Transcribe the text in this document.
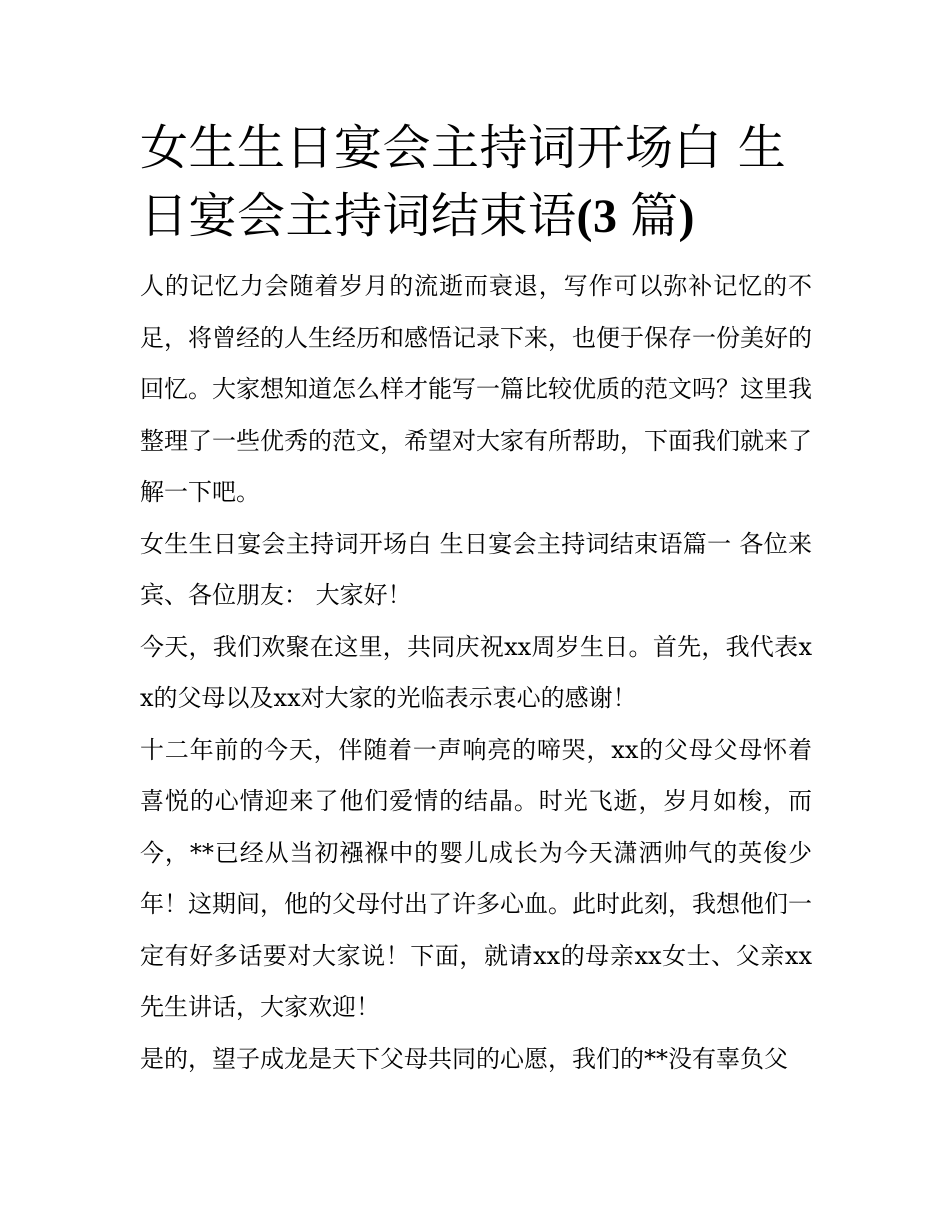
女生生日宴会主持词开场白 生日宴会主持词结束语(3 篇)

人的记忆力会随着岁月的流逝而衰退，写作可以弥补记忆的不足，将曾经的人生经历和感悟记录下来，也便于保存一份美好的回忆。大家想知道怎么样才能写一篇比较优质的范文吗？这里我整理了一些优秀的范文，希望对大家有所帮助，下面我们就来了解一下吧。

女生生日宴会主持词开场白 生日宴会主持词结束语篇一 各位来宾、各位朋友： 大家好！

今天，我们欢聚在这里，共同庆祝xx周岁生日。首先，我代表xx的父母以及xx对大家的光临表示衷心的感谢！

十二年前的今天，伴随着一声响亮的啼哭，xx的父母父母怀着喜悦的心情迎来了他们爱情的结晶。时光飞逝，岁月如梭，而今，**已经从当初襁褓中的婴儿成长为今天潇洒帅气的英俊少年！这期间，他的父母付出了许多心血。此时此刻，我想他们一定有好多话要对大家说！下面，就请xx的母亲xx女士、父亲xx先生讲话，大家欢迎！

是的，望子成龙是天下父母共同的心愿，我们的**没有辜负父
